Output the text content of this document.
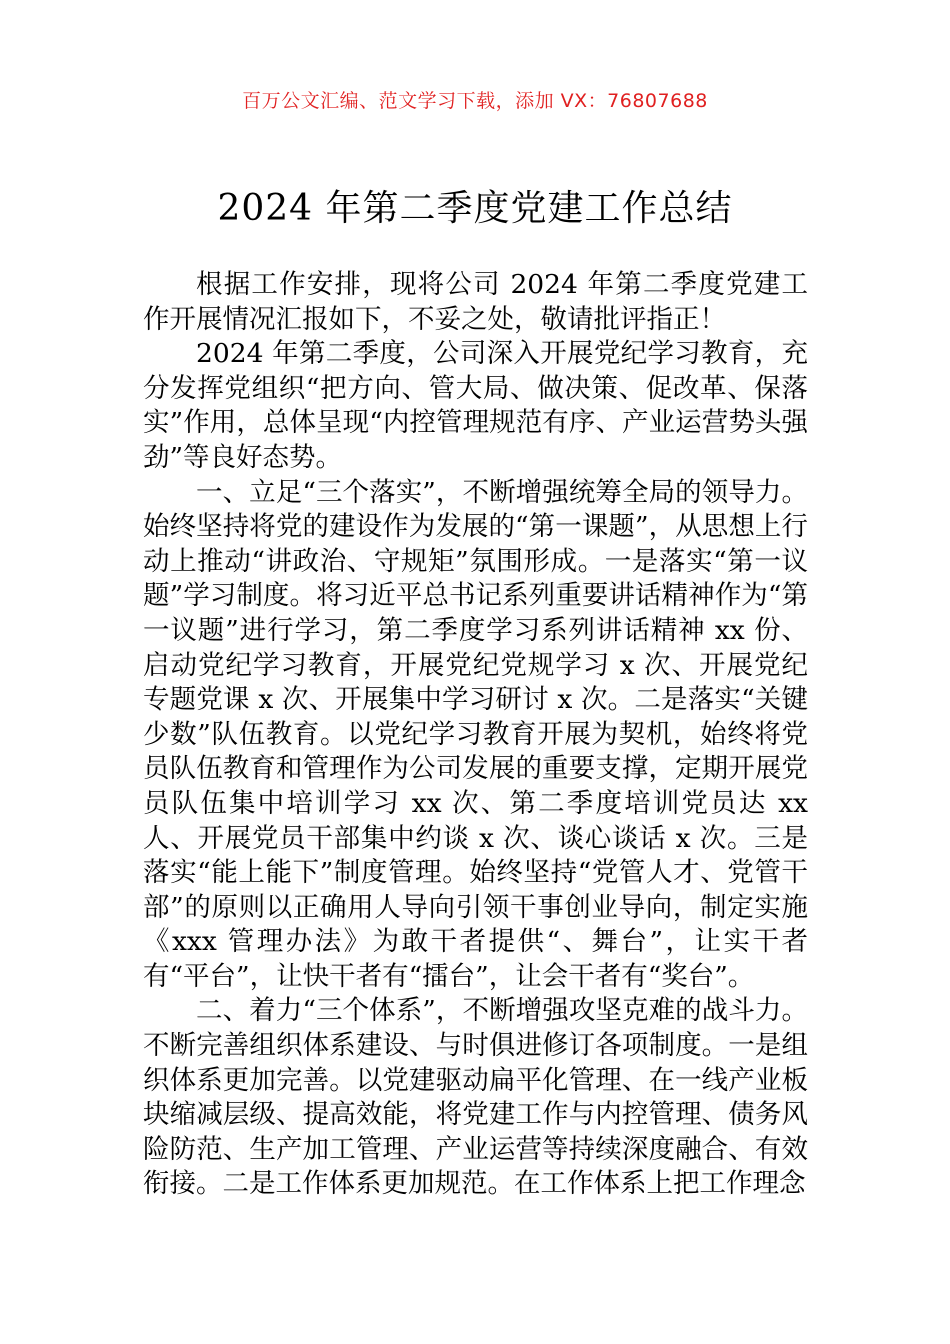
百万公文汇编、范文学习下载，添加 VX：76807688
2024 年第二季度党建工作总结

根据工作安排，现将公司 2024 年第二季度党建工作开展情况汇报如下，不妥之处，敬请批评指正！

2024 年第二季度，公司深入开展党纪学习教育，充分发挥党组织“把方向、管大局、做决策、促改革、保落实”作用，总体呈现“内控管理规范有序、产业运营势头强劲”等良好态势。

一、立足“三个落实”，不断增强统筹全局的领导力。始终坚持将党的建设作为发展的“第一课题”，从思想上行动上推动“讲政治、守规矩”氛围形成。一是落实“第一议题”学习制度。将习近平总书记系列重要讲话精神作为“第一议题”进行学习，第二季度学习系列讲话精神 xx 份、启动党纪学习教育，开展党纪党规学习 x 次、开展党纪专题党课 x 次、开展集中学习研讨 x 次。二是落实“关键少数”队伍教育。以党纪学习教育开展为契机，始终将党员队伍教育和管理作为公司发展的重要支撑，定期开展党员队伍集中培训学习 xx 次、第二季度培训党员达 xx 人、开展党员干部集中约谈 x 次、谈心谈话 x 次。三是落实“能上能下”制度管理。始终坚持“党管人才、党管干部”的原则以正确用人导向引领干事创业导向，制定实施《xxx 管理办法》为敢干者提供“、舞台”，让实干者有“平台”，让快干者有“擂台”，让会干者有“奖台”。

二、着力“三个体系”，不断增强攻坚克难的战斗力。不断完善组织体系建设、与时俱进修订各项制度。一是组织体系更加完善。以党建驱动扁平化管理、在一线产业板块缩减层级、提高效能，将党建工作与内控管理、债务风险防范、生产加工管理、产业运营等持续深度融合、有效衔接。二是工作体系更加规范。在工作体系上把工作理念
